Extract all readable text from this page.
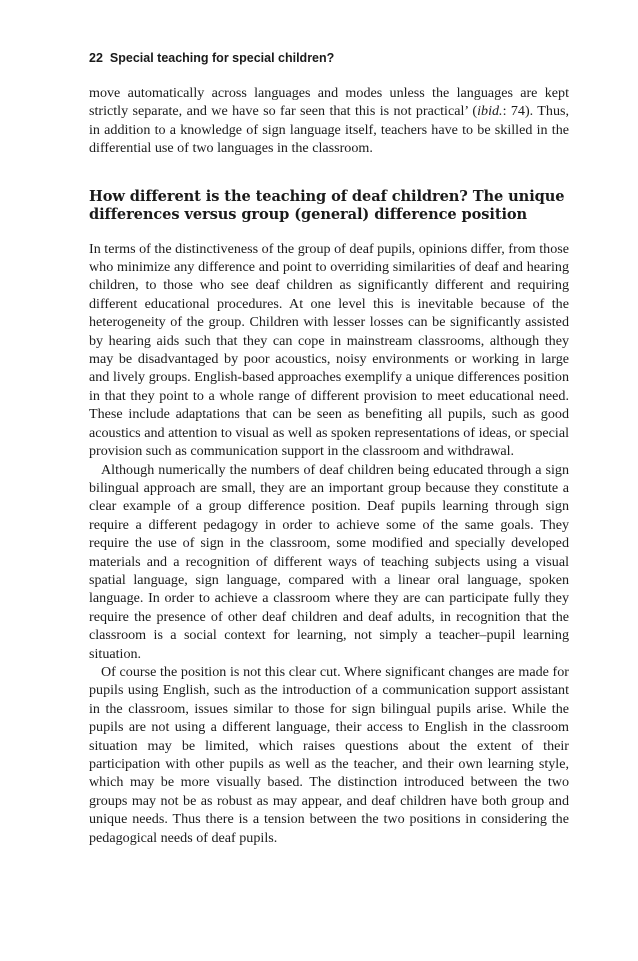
22 Special teaching for special children?

move automatically across languages and modes unless the languages are kept strictly separate, and we have so far seen that this is not practical’ (ibid.: 74). Thus, in addition to a knowledge of sign language itself, teachers have to be skilled in the differential use of two languages in the classroom.

How different is the teaching of deaf children? The unique differences versus group (general) difference position

In terms of the distinctiveness of the group of deaf pupils, opinions differ, from those who minimize any difference and point to overriding similarities of deaf and hearing children, to those who see deaf children as significantly different and requiring different educational procedures. At one level this is inevitable because of the heterogeneity of the group. Children with lesser losses can be significantly assisted by hearing aids such that they can cope in mainstream classrooms, although they may be disadvantaged by poor acoustics, noisy environments or working in large and lively groups. English-based approaches exemplify a unique differences position in that they point to a whole range of different provision to meet educational need. These include adaptations that can be seen as benefiting all pupils, such as good acoustics and attention to visual as well as spoken representations of ideas, or special provision such as communication support in the classroom and withdrawal.

Although numerically the numbers of deaf children being educated through a sign bilingual approach are small, they are an important group because they constitute a clear example of a group difference position. Deaf pupils learning through sign require a different pedagogy in order to achieve some of the same goals. They require the use of sign in the classroom, some modified and specially developed materials and a recognition of different ways of teaching subjects using a visual spatial language, sign language, compared with a linear oral language, spoken language. In order to achieve a classroom where they are can participate fully they require the presence of other deaf children and deaf adults, in recognition that the classroom is a social context for learning, not simply a teacher–pupil learning situation.

Of course the position is not this clear cut. Where significant changes are made for pupils using English, such as the introduction of a communication support assistant in the classroom, issues similar to those for sign bilingual pupils arise. While the pupils are not using a different language, their access to English in the classroom situation may be limited, which raises questions about the extent of their participation with other pupils as well as the teacher, and their own learning style, which may be more visually based. The distinction introduced between the two groups may not be as robust as may appear, and deaf children have both group and unique needs. Thus there is a tension between the two positions in considering the pedagogical needs of deaf pupils.
